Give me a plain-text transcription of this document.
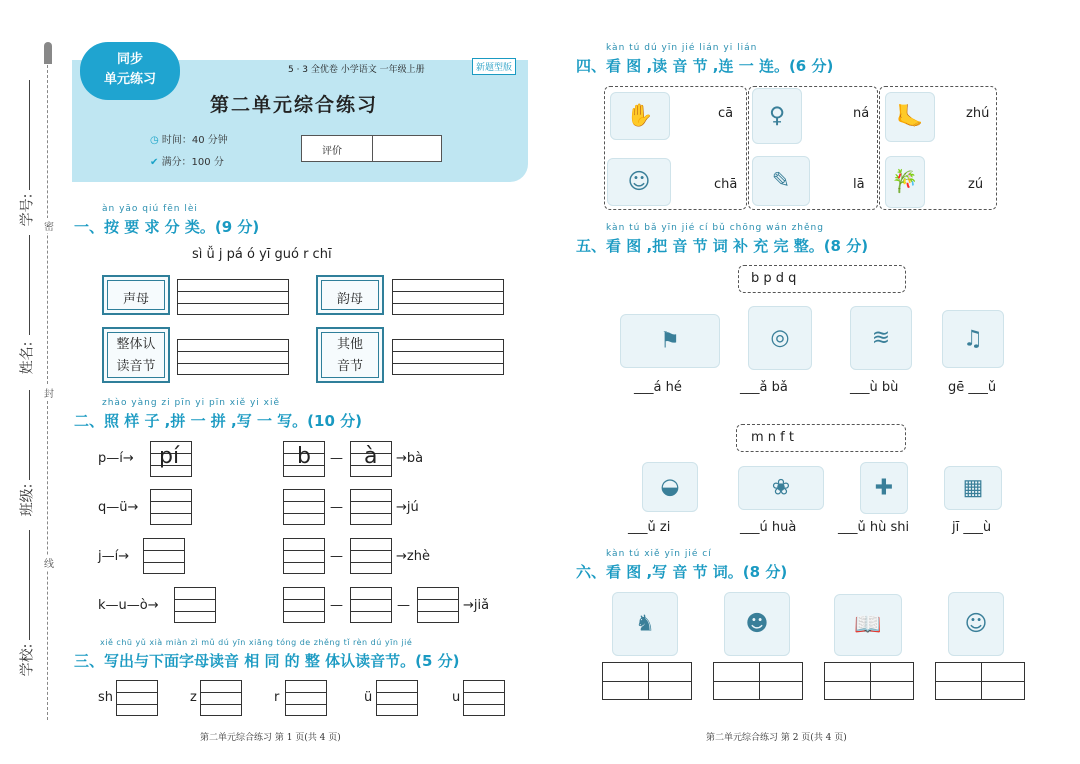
学号:
姓名:
班级:
学校:
密
封
线
同步
单元练习
5 · 3 全优卷 小学语文 一年级上册	新题型版
第二单元综合练习
◷ 时间：40 分钟
✔ 满分：100 分
评价
àn yāo qiú fēn lèi
一、按 要 求 分 类。(9 分)
sì ǚ j pá ó yī guó r chī
声母	韵母
整体认
读音节
其他
音节
zhào yàng zi pīn yi pīn xiě yi xiě
二、照 样 子 ,拼 一 拼 ,写 一 写。(10 分)
p—í→ pí	b — à →bà
q—ü→	—	→jú
j—í→	—	→zhè
k—u—ò→	—	—	→jiǎ
xiě chū yǔ xià miàn zì mǔ dú yīn xiāng tóng de zhěng tǐ rèn dú yīn jié
三、写出与下面字母读音 相 同 的 整 体认读音节。(5 分)
sh	z	r	ü	u
第二单元综合练习 第 1 页(共 4 页)
kàn tú dú yīn jié lián yi lián
四、看 图 ,读 音 节 ,连 一 连。(6 分)
✋	cā
☺	chā
♀	ná
✎	lā
🦶	zhú
🎋	zú
kàn tú bǎ yīn jié cí bǔ chōng wán zhěng
五、看 图 ,把 音 节 词 补 充 完 整。(8 分)
b p d q
⚑	◎	≋	♫
___á hé	___ǎ bǎ	___ù bù	gē ___ǔ
m n f t
◒	❀	✚	▦
___ǔ zi	___ú huà	___ǔ hù shi	jī ___ù
kàn tú xiě yīn jié cí
六、看 图 ,写 音 节 词。(8 分)
♞	☻	📖	☺
第二单元综合练习 第 2 页(共 4 页)
